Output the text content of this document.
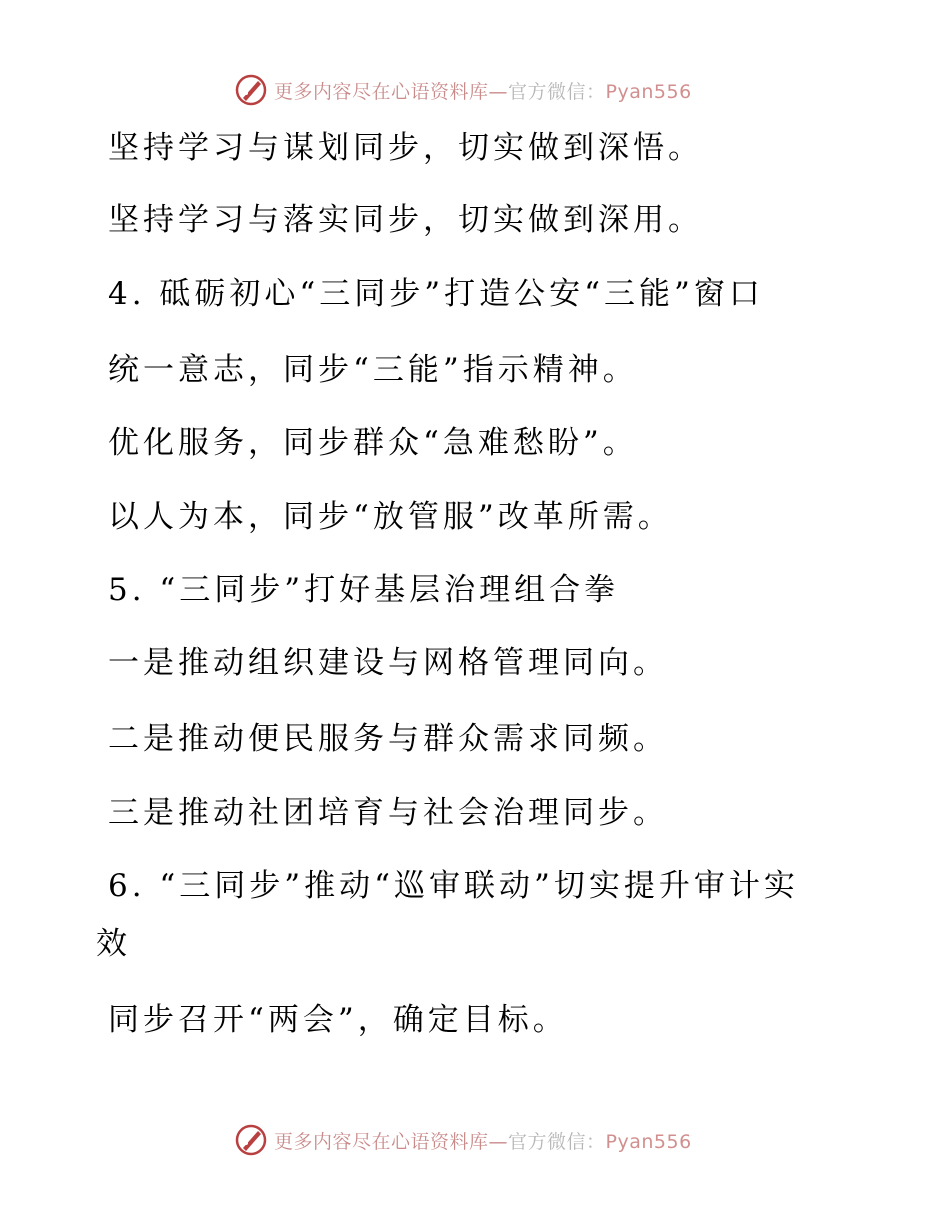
更多内容尽在心语资料库—官方微信：Pyan556
坚持学习与谋划同步，切实做到深悟。
坚持学习与落实同步，切实做到深用。
4. 砥砺初心“三同步”打造公安“三能”窗口
统一意志，同步“三能”指示精神。
优化服务，同步群众“急难愁盼”。
以人为本，同步“放管服”改革所需。
5. “三同步”打好基层治理组合拳
一是推动组织建设与网格管理同向。
二是推动便民服务与群众需求同频。
三是推动社团培育与社会治理同步。
6. “三同步”推动“巡审联动”切实提升审计实
效
同步召开“两会”，确定目标。
更多内容尽在心语资料库—官方微信：Pyan556
